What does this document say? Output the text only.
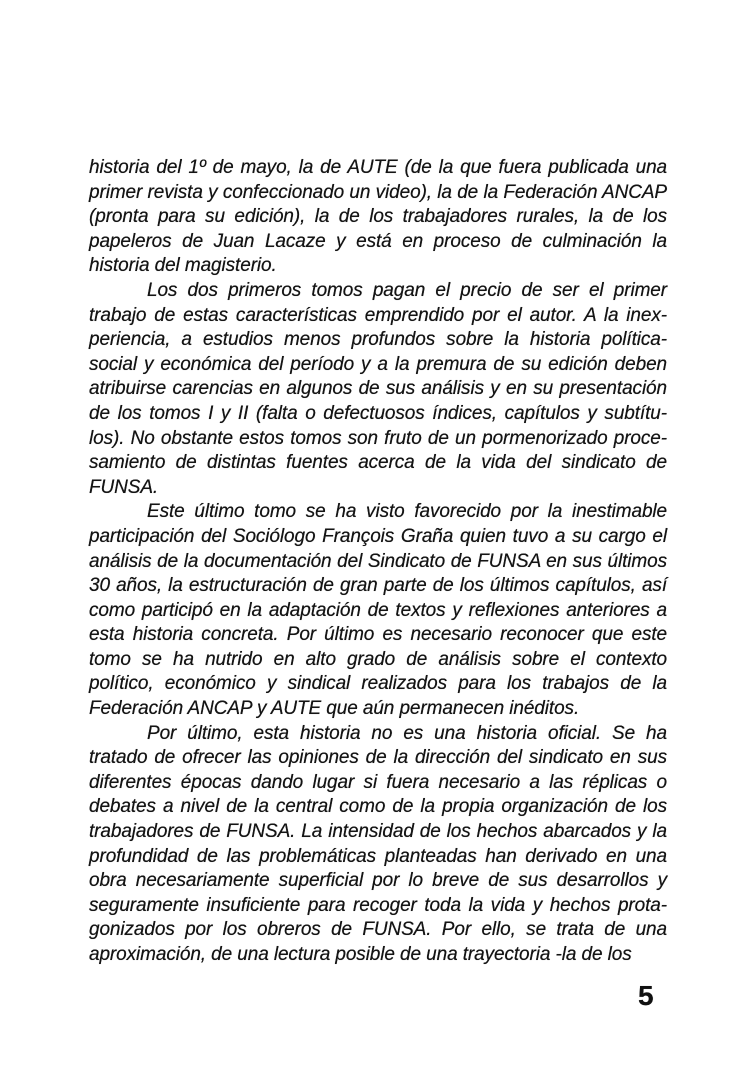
historia del 1º de mayo, la de AUTE (de la que fuera publicada una
primer revista y confeccionado un video), la de la Federación ANCAP
(pronta para su edición), la de los trabajadores rurales, la de los
papeleros de Juan Lacaze y está en proceso de culminación la
historia del magisterio.

Los dos primeros tomos pagan el precio de ser el primer
trabajo de estas características emprendido por el autor. A la inex-
periencia, a estudios menos profundos sobre la historia política-
social y económica del período y a la premura de su edición deben
atribuirse carencias en algunos de sus análisis y en su presentación
de los tomos I y II (falta o defectuosos índices, capítulos y subtítu-
los). No obstante estos tomos son fruto de un pormenorizado proce-
samiento de distintas fuentes acerca de la vida del sindicato de
FUNSA.

Este último tomo se ha visto favorecido por la inestimable
participación del Sociólogo François Graña quien tuvo a su cargo el
análisis de la documentación del Sindicato de FUNSA en sus últimos
30 años, la estructuración de gran parte de los últimos capítulos, así
como participó en la adaptación de textos y reflexiones anteriores a
esta historia concreta. Por último es necesario reconocer que este
tomo se ha nutrido en alto grado de análisis sobre el contexto
político, económico y sindical realizados para los trabajos de la
Federación ANCAP y AUTE que aún permanecen inéditos.

Por último, esta historia no es una historia oficial. Se ha
tratado de ofrecer las opiniones de la dirección del sindicato en sus
diferentes épocas dando lugar si fuera necesario a las réplicas o
debates a nivel de la central como de la propia organización de los
trabajadores de FUNSA. La intensidad de los hechos abarcados y la
profundidad de las problemáticas planteadas han derivado en una
obra necesariamente superficial por lo breve de sus desarrollos y
seguramente insuficiente para recoger toda la vida y hechos prota-
gonizados por los obreros de FUNSA. Por ello, se trata de una
aproximación, de una lectura posible de una trayectoria -la de los

5
